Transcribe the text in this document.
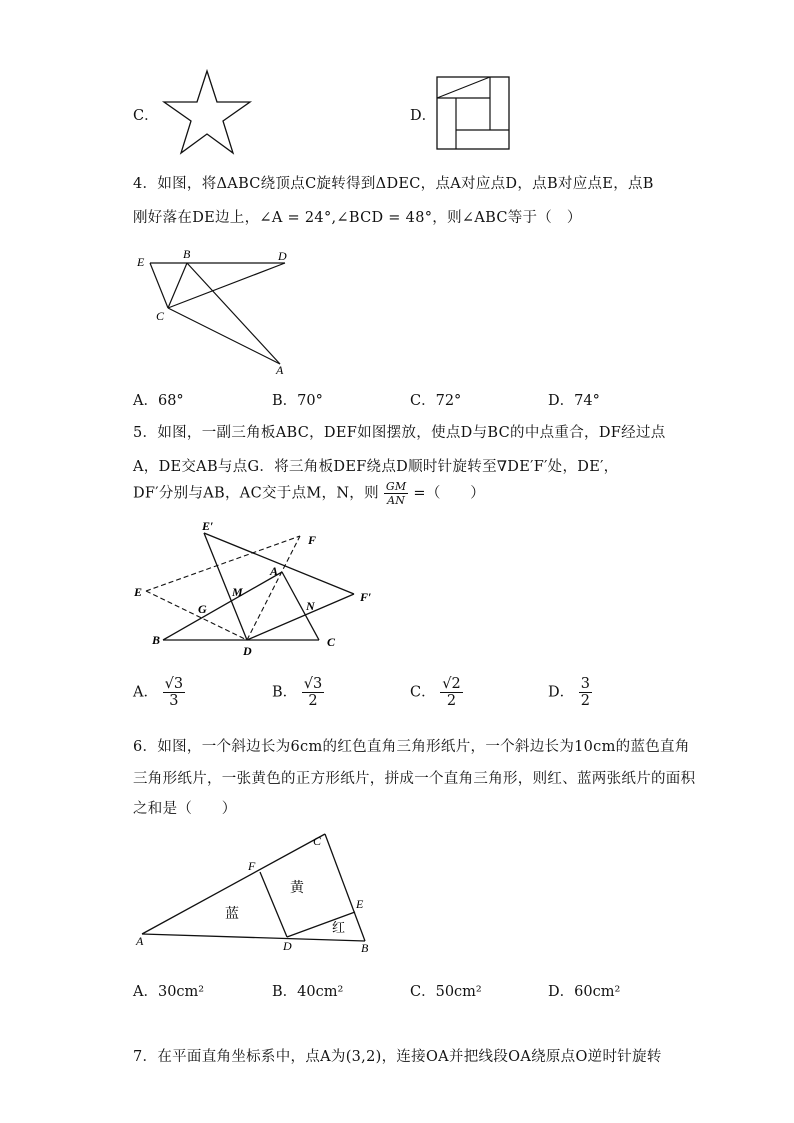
C．	D．
4．如图，将ΔABC绕顶点C旋转得到ΔDEC，点A对应点D，点B对应点E，点B
刚好落在DE边上，∠A = 24°,∠BCD = 48°，则∠ABC等于（　）
E
B	D
C
A
A．68°	B．70°	C．72°	D．74°
5．如图，一副三角板ABC，DEF如图摆放，使点D与BC的中点重合，DF经过点
A，DE交AB与点G．将三角板DEF绕点D顺时针旋转至∇DE′F′处，DE′，
DF′分别与AB，AC交于点M，N，则 $\frac{GM}{AN}$ =（　　）
E′
F
E	M
A
F′
G	N
B
D
C
A． $\frac{√3}{3}$	B． $\frac{√3}{2}$	C． $\frac{√2}{2}$	D． $\frac{3}{2}$
6．如图，一个斜边长为6cm的红色直角三角形纸片，一个斜边长为10cm的蓝色直角
三角形纸片，一张黄色的正方形纸片，拼成一个直角三角形，则红、蓝两张纸片的面积
之和是（　　）
F
C
E
A	D	B
黄
蓝
红
A．30cm²	B．40cm²	C．50cm²	D．60cm²
7．在平面直角坐标系中，点A为(3,2)，连接OA并把线段OA绕原点O逆时针旋转
